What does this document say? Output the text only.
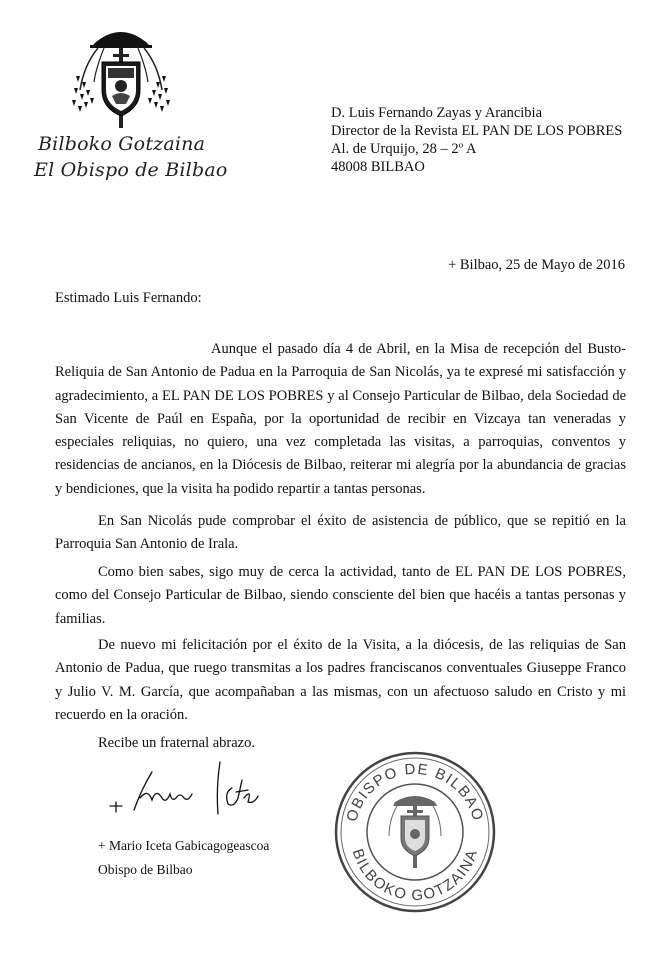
Bilboko Gotzaina
El Obispo de Bilbao
D. Luis Fernando Zayas y Arancibia
Director de la Revista EL PAN DE LOS POBRES
Al. de Urquijo, 28 – 2º A
48008 BILBAO
+ Bilbao, 25 de Mayo de 2016
Estimado Luis Fernando:
Aunque el pasado día 4 de Abril, en la Misa de recepción del Busto-Reliquia de San Antonio de Padua en la Parroquia de San Nicolás, ya te expresé mi satisfacción y agradecimiento, a EL PAN DE LOS POBRES y al Consejo Particular de Bilbao, dela Sociedad de San Vicente de Paúl en España, por la oportunidad de recibir en Vizcaya tan veneradas y especiales reliquias, no quiero, una vez completada las visitas, a parroquias, conventos y residencias de ancianos, en la Diócesis de Bilbao, reiterar mi alegría por la abundancia de gracias y bendiciones, que la visita ha podido repartir a tantas personas.
En San Nicolás pude comprobar el éxito de asistencia de público, que se repitió en la Parroquia San Antonio de Irala.
Como bien sabes, sigo muy de cerca la actividad, tanto de EL PAN DE LOS POBRES, como del Consejo Particular de Bilbao, siendo consciente del bien que hacéis a tantas personas y familias.
De nuevo mi felicitación por el éxito de la Visita, a la diócesis, de las reliquias de San Antonio de Padua, que ruego transmitas a los padres franciscanos conventuales Giuseppe Franco y Julio V. M. García, que acompañaban a las mismas, con un afectuoso saludo en Cristo y mi recuerdo en la oración.
Recibe un fraternal abrazo.
+ Mario Iceta Gabicagogeascoa
Obispo de Bilbao
OBISPO DE BILBAO
BILBOKO GOTZAINA
